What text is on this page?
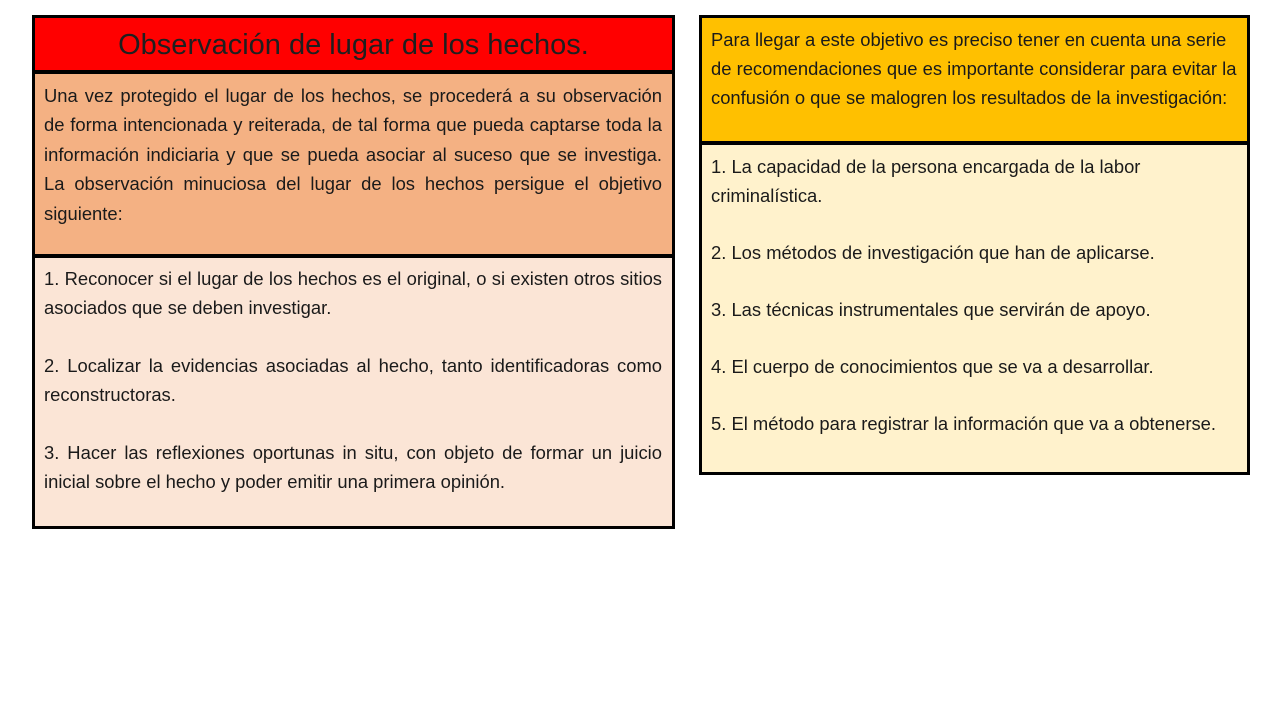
Observación de lugar de los hechos.

Una vez protegido el lugar de los hechos, se procederá a su observación de forma intencionada y reiterada, de tal forma que pueda captarse toda la información indiciaria y que se pueda asociar al suceso que se investiga. La observación minuciosa del lugar de los hechos persigue el objetivo siguiente:

1. Reconocer si el lugar de los hechos es el original, o si existen otros sitios asociados que se deben investigar.

2. Localizar la evidencias asociadas al hecho, tanto identificadoras como reconstructoras.

3. Hacer las reflexiones oportunas in situ, con objeto de formar un juicio inicial sobre el hecho y poder emitir una primera opinión.

Para llegar a este objetivo es preciso tener en cuenta una serie de recomendaciones que es importante considerar para evitar la confusión o que se malogren los resultados de la investigación:

1. La capacidad de la persona encargada de la labor criminalística.

2. Los métodos de investigación que han de aplicarse.

3. Las técnicas instrumentales que servirán de apoyo.

4. El cuerpo de conocimientos que se va a desarrollar.

5. El método para registrar la información que va a obtenerse.
